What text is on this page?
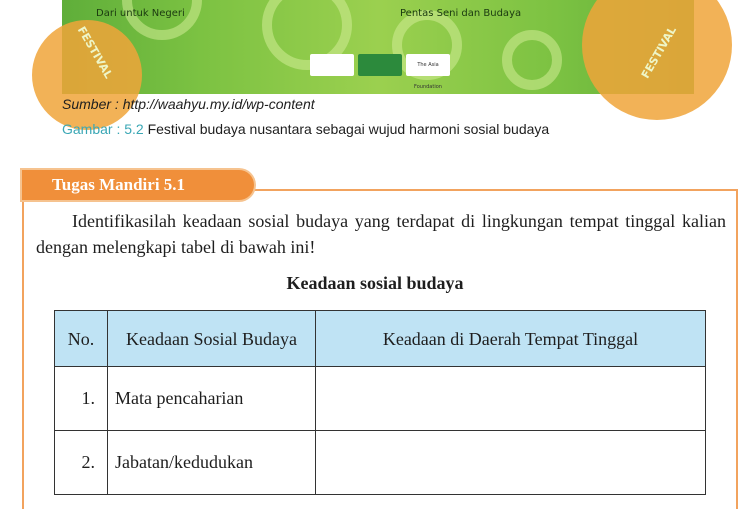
Dari untuk Negeri	Pentas Seni dan Budaya
FESTIVAL	FESTIVAL
The Asia Foundation
Sumber : http://waahyu.my.id/wp-content
Gambar : 5.2 Festival budaya nusantara sebagai wujud harmoni sosial budaya
Tugas Mandiri 5.1

Identifikasilah keadaan sosial budaya yang terdapat di lingkungan tempat tinggal kalian dengan melengkapi tabel di bawah ini!

Keadaan sosial budaya
No.	Keadaan Sosial Budaya	Keadaan di Daerah Tempat Tinggal
1.	Mata pencaharian	
2.	Jabatan/kedudukan	
